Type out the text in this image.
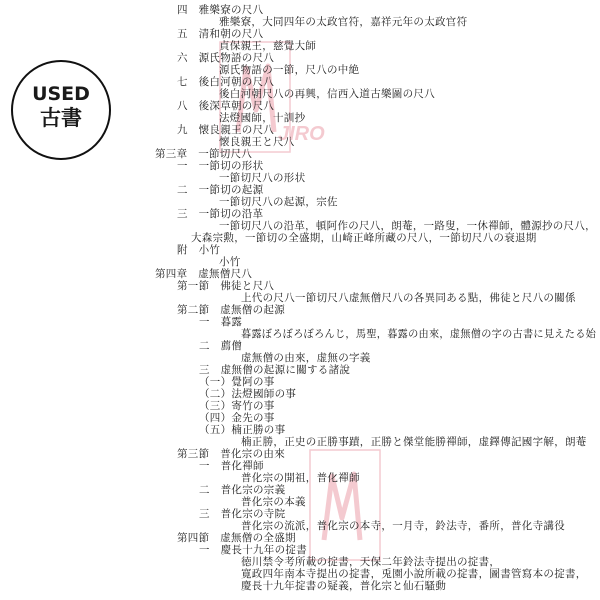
USED
古書
JIRO
四　雅樂寮の尺八
雅樂寮，大同四年の太政官符，嘉祥元年の太政官符
五　清和朝の尺八
貞保親王，慈覺大師
六　源氏物語の尺八
源氏物語の一節，尺八の中絶
七　後白河朝の尺八
後白河朝尺八の再興，信西入道古樂圖の尺八
八　後深草朝の尺八
法燈國師，十訓抄
九　懐良親王の尺八
懐良親王と尺八
第三章　一節切尺八
一　一節切の形状
一節切尺八の形状
二　一節切の起源
一節切尺八の起源，宗佐
三　一節切の沿革
一節切尺八の沿革，頓阿作の尺八，朗菴，一路叟，一休禪師，體源抄の尺八，
大森宗勲，一節切の全盛期，山崎正峰所藏の尺八，一節切尺八の衰退期
附　小竹
小竹
第四章　虚無僧尺八
第一節　佛徒と尺八
上代の尺八一節切尺八虚無僧尺八の各異同ある點，佛徒と尺八の關係
第二節　虚無僧の起源
一　暮露
暮露ぼろぼろぼろんじ，馬聖，暮露の由來，虚無僧の字の古書に見えたる始
二　薦僧
虚無僧の由來，虚無の字義
三　虚無僧の起源に關する諸說
（一）覺阿の事
（二）法燈國師の事
（三）寄竹の事
（四）金先の事
（五）楠正勝の事
楠正勝，正史の正勝事蹟，正勝と傑堂能勝禪師，虚鐸傳記國字解，朗菴
第三節　普化宗の由來
一　普化禪師
普化宗の開祖，普化禪師
二　普化宗の宗義
普化宗の本義
三　普化宗の寺院
普化宗の流派，普化宗の本寺，一月寺，鈴法寺，番所，普化寺講役
第四節　虚無僧の全盛期
一　慶長十九年の掟書
徳川禁令考所載の掟書，天保二年鈴法寺提出の掟書，
寛政四年南本寺提出の掟書，兎園小說所載の掟書，圖書管寫本の掟書，
慶長十九年掟書の疑義，普化宗と仙石騷動
